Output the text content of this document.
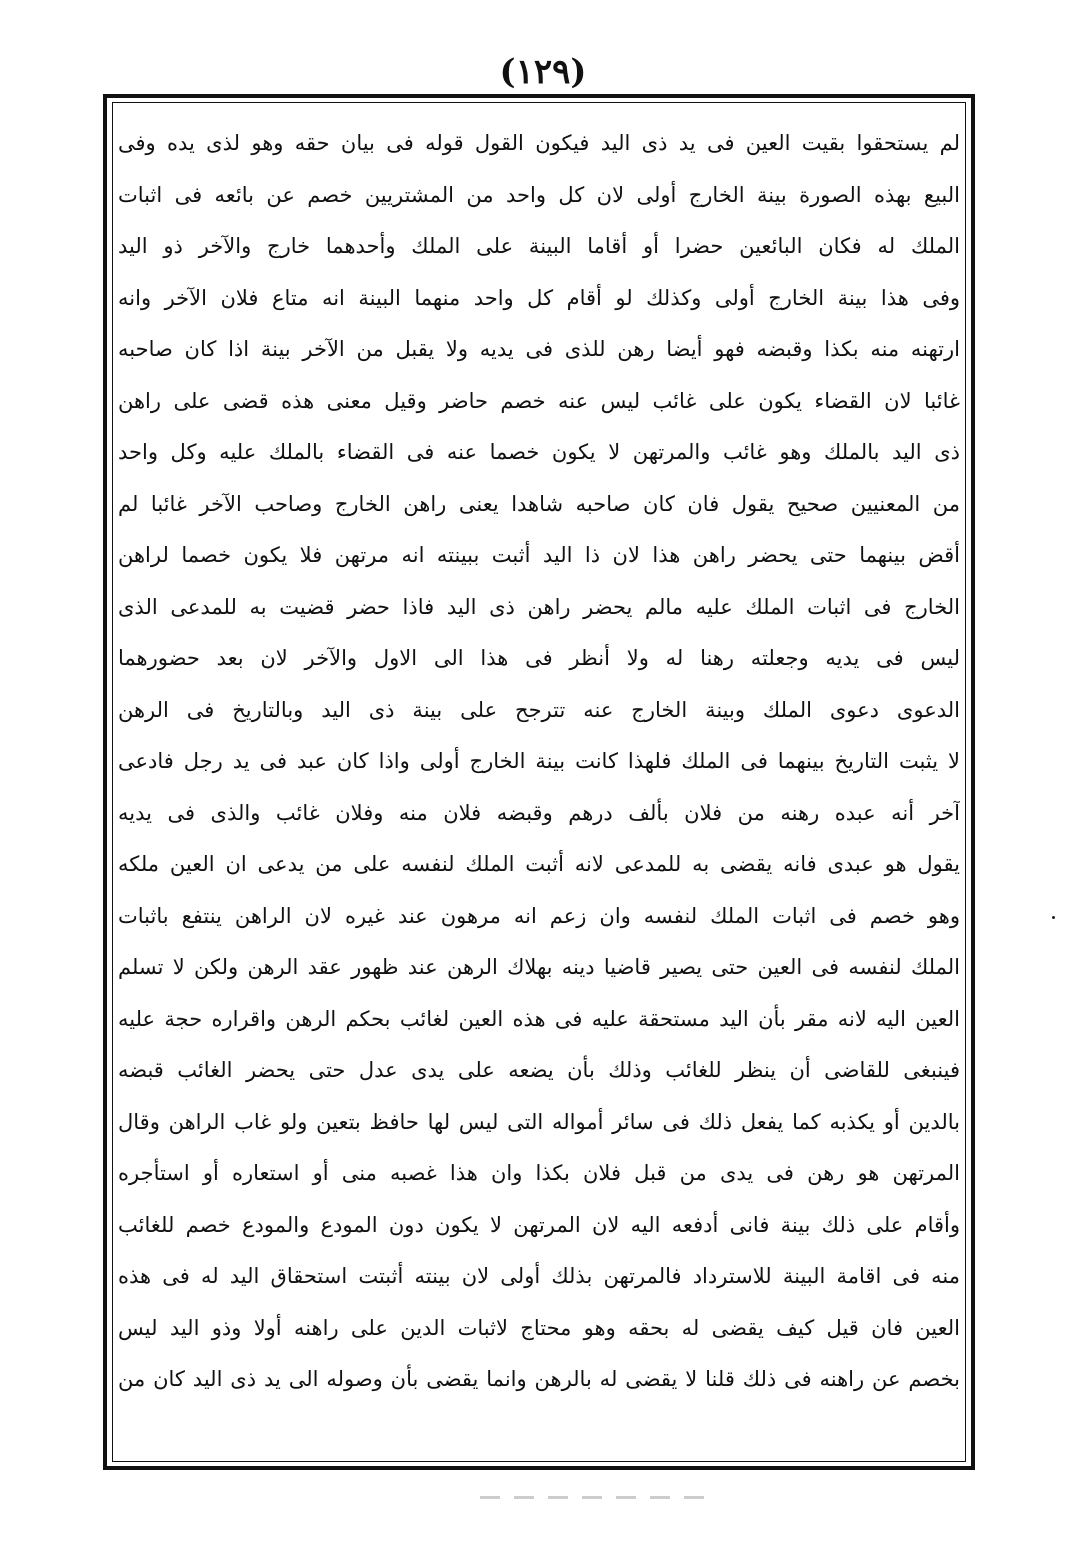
(١٢٩)
لم يستحقوا بقيت العين فى يد ذى اليد فيكون القول قوله فى بيان حقه وهو لذى يده وفى
البيع بهذه الصورة بينة الخارج أولى لان كل واحد من المشتريين خصم عن بائعه فى اثبات
الملك له فكان البائعين حضرا أو أقاما البينة على الملك وأحدهما خارج والآخر ذو اليد
وفى هذا بينة الخارج أولى وكذلك لو أقام كل واحد منهما البينة انه متاع فلان الآخر وانه
ارتهنه منه بكذا وقبضه فهو أيضا رهن للذى فى يديه ولا يقبل من الآخر بينة اذا كان صاحبه
غائبا لان القضاء يكون على غائب ليس عنه خصم حاضر وقيل معنى هذه قضى على راهن
ذى اليد بالملك وهو غائب والمرتهن لا يكون خصما عنه فى القضاء بالملك عليه وكل واحد
من المعنيين صحيح يقول فان كان صاحبه شاهدا يعنى راهن الخارج وصاحب الآخر غائبا لم
أقض بينهما حتى يحضر راهن هذا لان ذا اليد أثبت ببينته انه مرتهن فلا يكون خصما لراهن
الخارج فى اثبات الملك عليه مالم يحضر راهن ذى اليد فاذا حضر قضيت به للمدعى الذى
ليس فى يديه وجعلته رهنا له ولا أنظر فى هذا الى الاول والآخر لان بعد حضورهما
الدعوى دعوى الملك وبينة الخارج عنه تترجح على بينة ذى اليد وبالتاريخ فى الرهن
لا يثبت التاريخ بينهما فى الملك فلهذا كانت بينة الخارج أولى واذا كان عبد فى يد رجل فادعى
آخر أنه عبده رهنه من فلان بألف درهم وقبضه فلان منه وفلان غائب والذى فى يديه
يقول هو عبدى فانه يقضى به للمدعى لانه أثبت الملك لنفسه على من يدعى ان العين ملكه
وهو خصم فى اثبات الملك لنفسه وان زعم انه مرهون عند غيره لان الراهن ينتفع باثبات
الملك لنفسه فى العين حتى يصير قاضيا دينه بهلاك الرهن عند ظهور عقد الرهن ولكن لا تسلم
العين اليه لانه مقر بأن اليد مستحقة عليه فى هذه العين لغائب بحكم الرهن واقراره حجة عليه
فينبغى للقاضى أن ينظر للغائب وذلك بأن يضعه على يدى عدل حتى يحضر الغائب قبضه
بالدين أو يكذبه كما يفعل ذلك فى سائر أمواله التى ليس لها حافظ بتعين ولو غاب الراهن وقال
المرتهن هو رهن فى يدى من قبل فلان بكذا وان هذا غصبه منى أو استعاره أو استأجره
وأقام على ذلك بينة فانى أدفعه اليه لان المرتهن لا يكون دون المودع والمودع خصم للغائب
منه فى اقامة البينة للاسترداد فالمرتهن بذلك أولى لان بينته أثبتت استحقاق اليد له فى هذه
العين فان قيل كيف يقضى له بحقه وهو محتاج لاثبات الدين على راهنه أولا وذو اليد ليس
بخصم عن راهنه فى ذلك قلنا لا يقضى له بالرهن وانما يقضى بأن وصوله الى يد ذى اليد كان من
